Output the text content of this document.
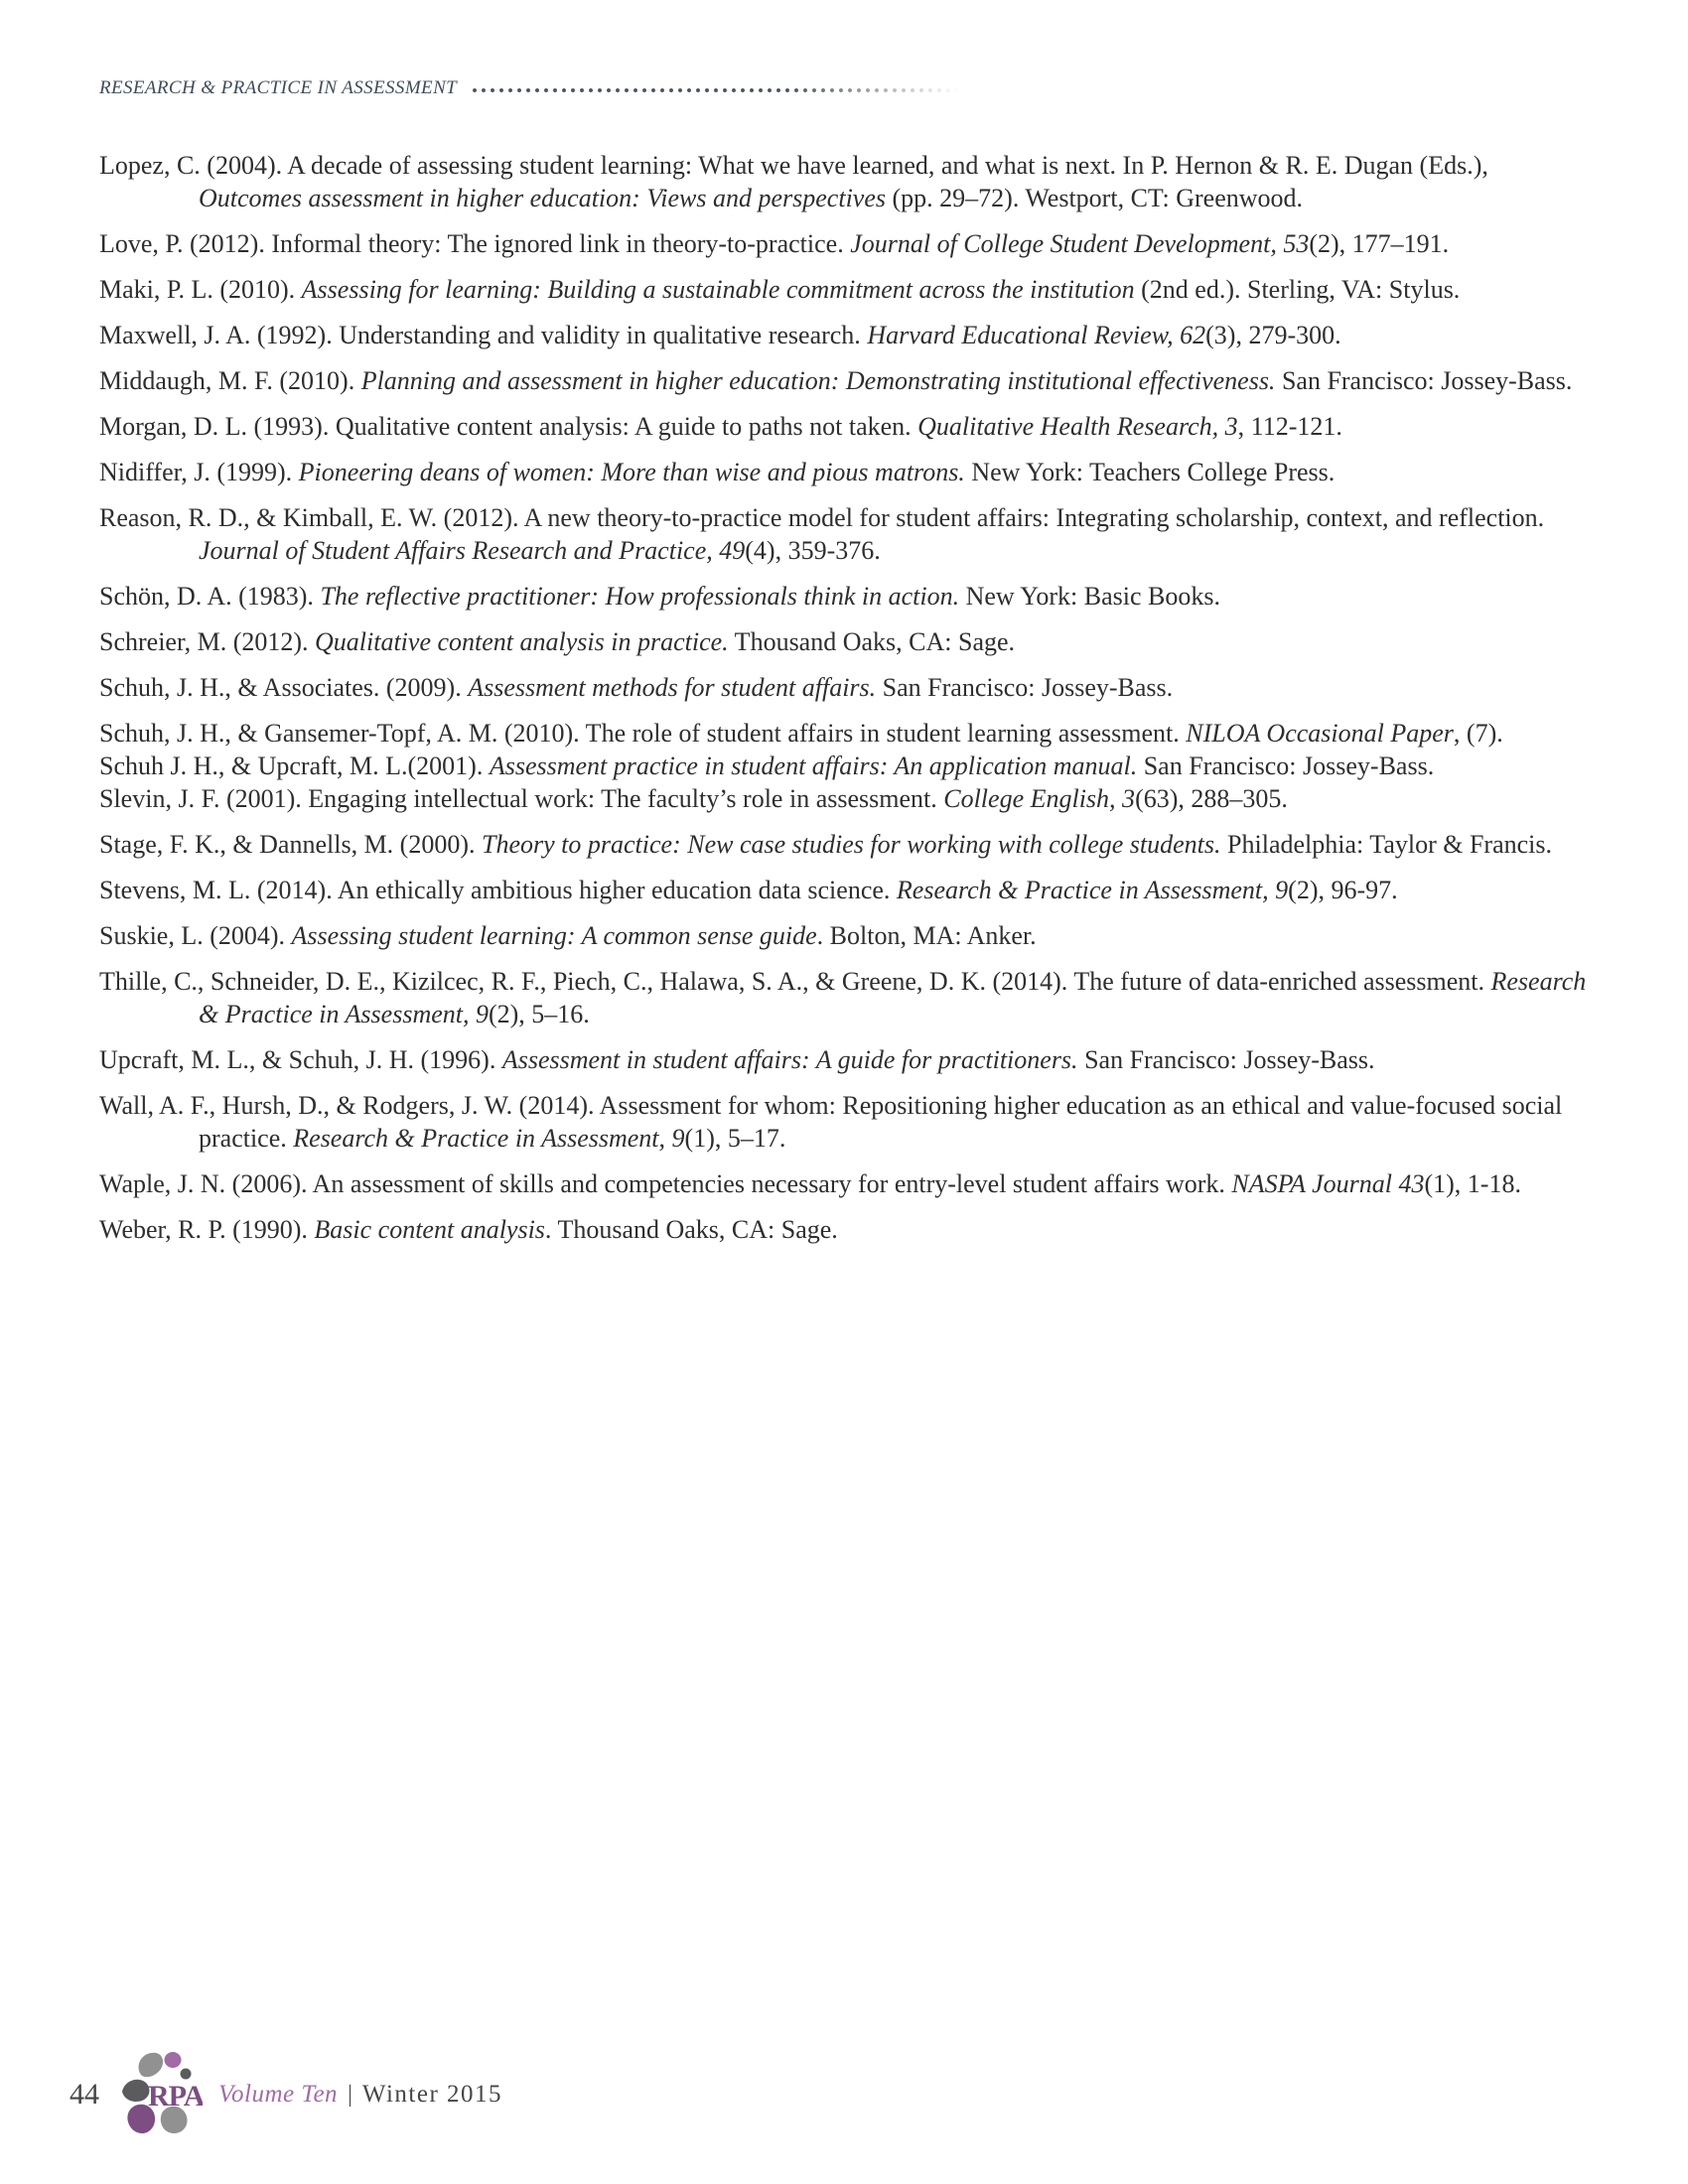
RESEARCH & PRACTICE IN ASSESSMENT

Lopez, C. (2004). A decade of assessing student learning: What we have learned, and what is next. In P. Hernon & R. E. Dugan (Eds.), Outcomes assessment in higher education: Views and perspectives (pp. 29–72). Westport, CT: Greenwood.

Love, P. (2012). Informal theory: The ignored link in theory-to-practice. Journal of College Student Development, 53(2), 177–191.

Maki, P. L. (2010). Assessing for learning: Building a sustainable commitment across the institution (2nd ed.). Sterling, VA: Stylus.

Maxwell, J. A. (1992). Understanding and validity in qualitative research. Harvard Educational Review, 62(3), 279-300.

Middaugh, M. F. (2010). Planning and assessment in higher education: Demonstrating institutional effectiveness. San Francisco: Jossey-Bass.

Morgan, D. L. (1993). Qualitative content analysis: A guide to paths not taken. Qualitative Health Research, 3, 112-121.

Nidiffer, J. (1999). Pioneering deans of women: More than wise and pious matrons. New York: Teachers College Press.

Reason, R. D., & Kimball, E. W. (2012). A new theory-to-practice model for student affairs: Integrating scholarship, context, and reflection. Journal of Student Affairs Research and Practice, 49(4), 359-376.

Schön, D. A. (1983). The reflective practitioner: How professionals think in action. New York: Basic Books.

Schreier, M. (2012). Qualitative content analysis in practice. Thousand Oaks, CA: Sage.

Schuh, J. H., & Associates. (2009). Assessment methods for student affairs. San Francisco: Jossey-Bass.

Schuh, J. H., & Gansemer-Topf, A. M. (2010). The role of student affairs in student learning assessment. NILOA Occasional Paper, (7).

Schuh J. H., & Upcraft, M. L.(2001). Assessment practice in student affairs: An application manual. San Francisco: Jossey-Bass.

Slevin, J. F. (2001). Engaging intellectual work: The faculty’s role in assessment. College English, 3(63), 288–305.

Stage, F. K., & Dannells, M. (2000). Theory to practice: New case studies for working with college students. Philadelphia: Taylor & Francis.

Stevens, M. L. (2014). An ethically ambitious higher education data science. Research & Practice in Assessment, 9(2), 96-97.

Suskie, L. (2004). Assessing student learning: A common sense guide. Bolton, MA: Anker.

Thille, C., Schneider, D. E., Kizilcec, R. F., Piech, C., Halawa, S. A., & Greene, D. K. (2014). The future of data-enriched assessment. Research & Practice in Assessment, 9(2), 5–16.

Upcraft, M. L., & Schuh, J. H. (1996). Assessment in student affairs: A guide for practitioners. San Francisco: Jossey-Bass.

Wall, A. F., Hursh, D., & Rodgers, J. W. (2014). Assessment for whom: Repositioning higher education as an ethical and value-focused social practice. Research & Practice in Assessment, 9(1), 5–17.

Waple, J. N. (2006). An assessment of skills and competencies necessary for entry-level student affairs work. NASPA Journal 43(1), 1-18.

Weber, R. P. (1990). Basic content analysis. Thousand Oaks, CA: Sage.

44 RPA Volume Ten | Winter 2015
